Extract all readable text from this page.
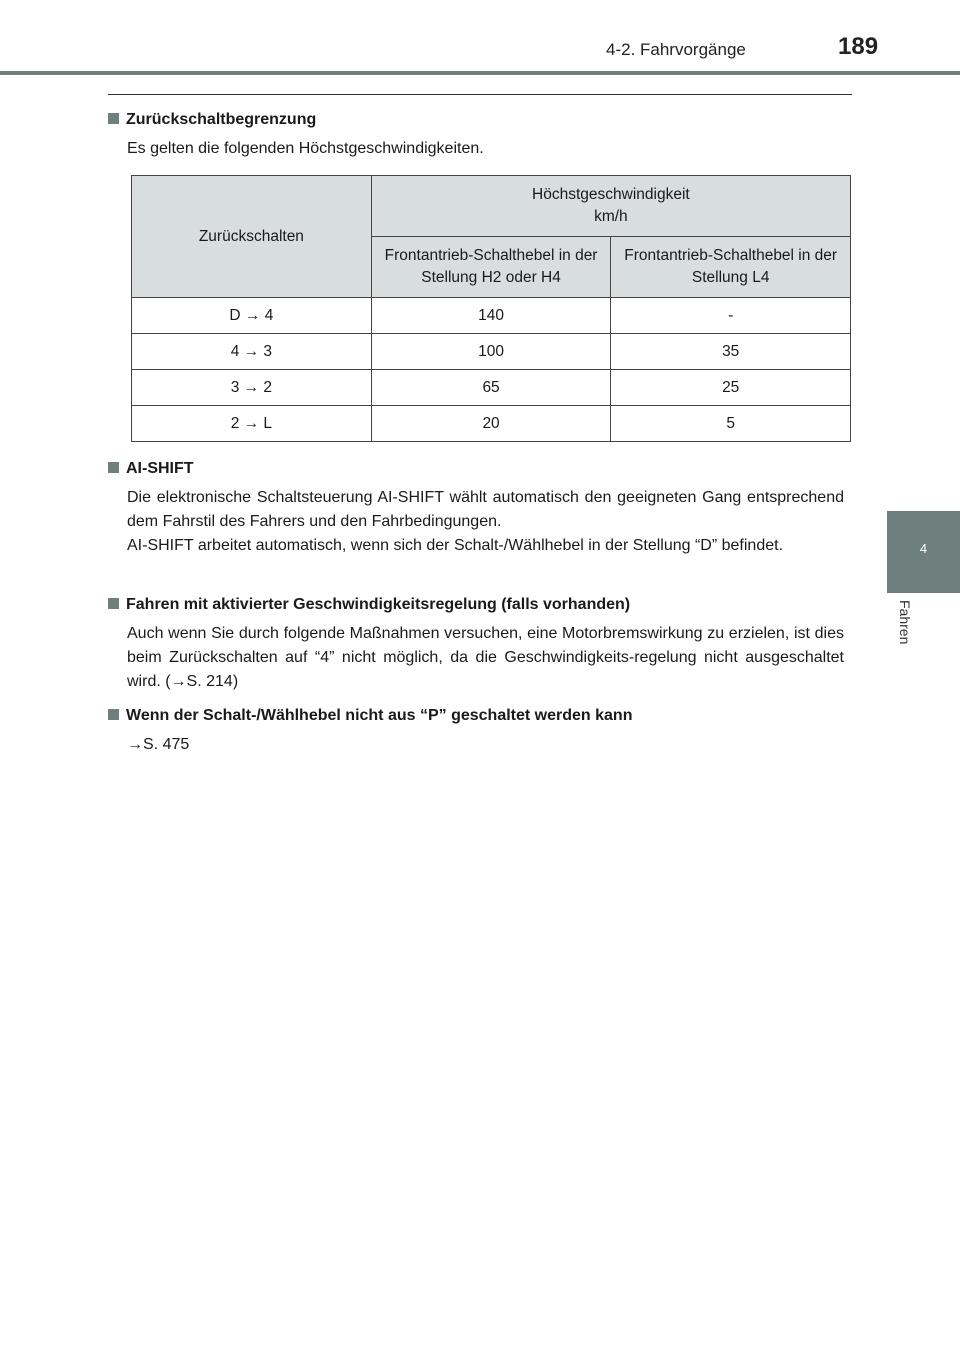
4-2. Fahrvorgänge	189
4
Fahren
Zurückschaltbegrenzung

Es gelten die folgenden Höchstgeschwindigkeiten.

Zurückschalten	Höchstgeschwindigkeit
km/h	

	Frontantrieb-Schalthebel in der Stellung H2 oder H4	Frontantrieb-Schalthebel in der Stellung L4
D → 4	140	-
4 → 3	100	35
3 → 2	65	25
2 → L	20	5
AI-SHIFT

Die elektronische Schaltsteuerung AI-SHIFT wählt automatisch den geeigneten Gang entsprechend dem Fahrstil des Fahrers und den Fahrbedingungen.

AI-SHIFT arbeitet automatisch, wenn sich der Schalt-/Wählhebel in der Stellung “D” befindet.

Fahren mit aktivierter Geschwindigkeitsregelung (falls vorhanden)

Auch wenn Sie durch folgende Maßnahmen versuchen, eine Motorbremswirkung zu erzielen, ist dies beim Zurückschalten auf “4” nicht möglich, da die Geschwindigkeits-regelung nicht ausgeschaltet wird. (→S. 214)

Wenn der Schalt-/Wählhebel nicht aus “P” geschaltet werden kann

→S. 475
